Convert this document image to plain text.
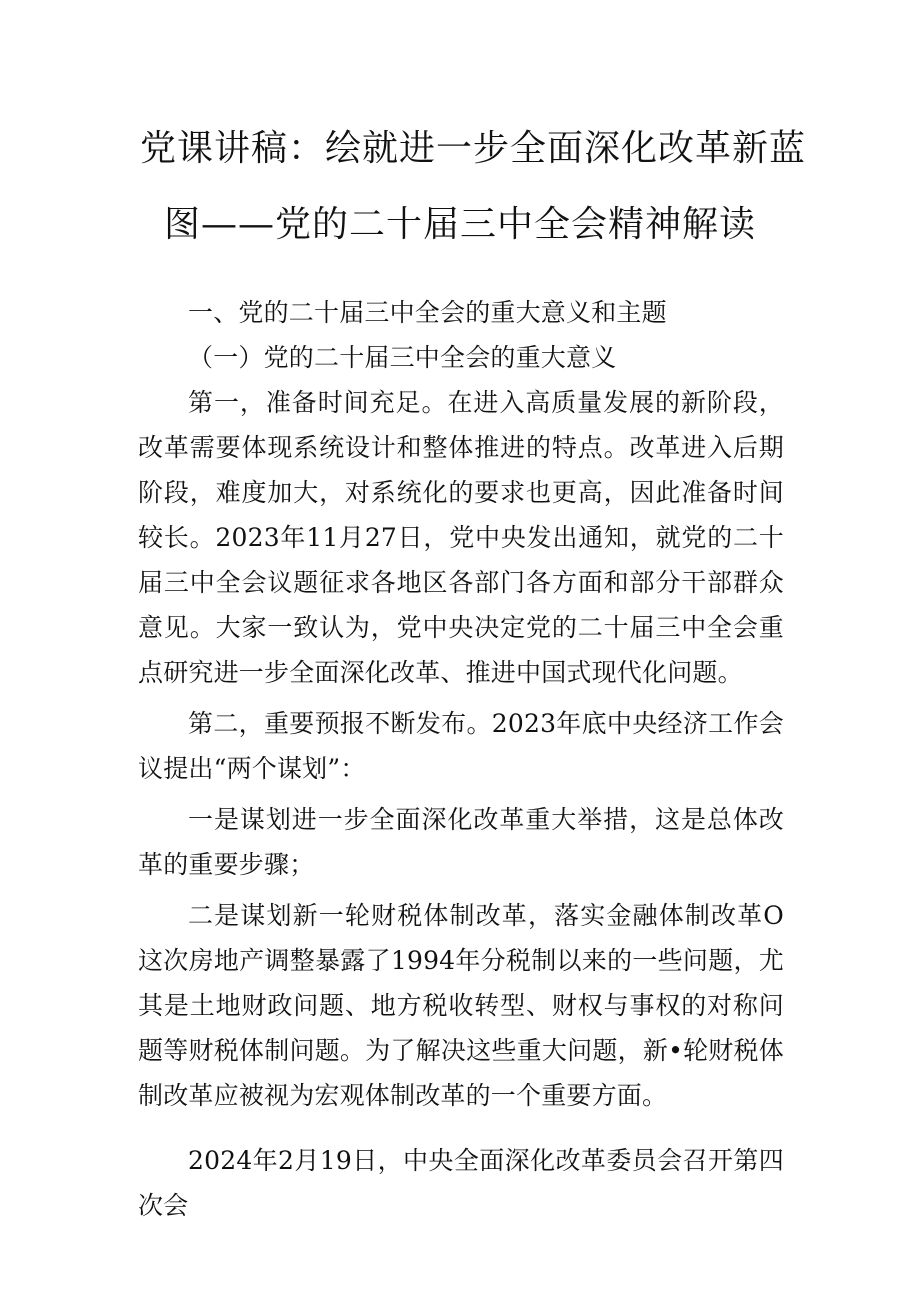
党课讲稿：绘就进一步全面深化改革新蓝
图——党的二十届三中全会精神解读

一、党的二十届三中全会的重大意义和主题

（一）党的二十届三中全会的重大意义

第一，准备时间充足。在进入高质量发展的新阶段，改革需要体现系统设计和整体推进的特点。改革进入后期阶段，难度加大，对系统化的要求也更高，因此准备时间较长。2023年11月27日，党中央发出通知，就党的二十届三中全会议题征求各地区各部门各方面和部分干部群众意见。大家一致认为，党中央决定党的二十届三中全会重点研究进一步全面深化改革、推进中国式现代化问题。

第二，重要预报不断发布。2023年底中央经济工作会议提出“两个谋划”：

一是谋划进一步全面深化改革重大举措，这是总体改革的重要步骤；

二是谋划新一轮财税体制改革，落实金融体制改革O这次房地产调整暴露了1994年分税制以来的一些问题，尤其是土地财政问题、地方税收转型、财权与事权的对称问题等财税体制问题。为了解决这些重大问题，新•轮财税体制改革应被视为宏观体制改革的一个重要方面。

2024年2月19日，中央全面深化改革委员会召开第四次会
